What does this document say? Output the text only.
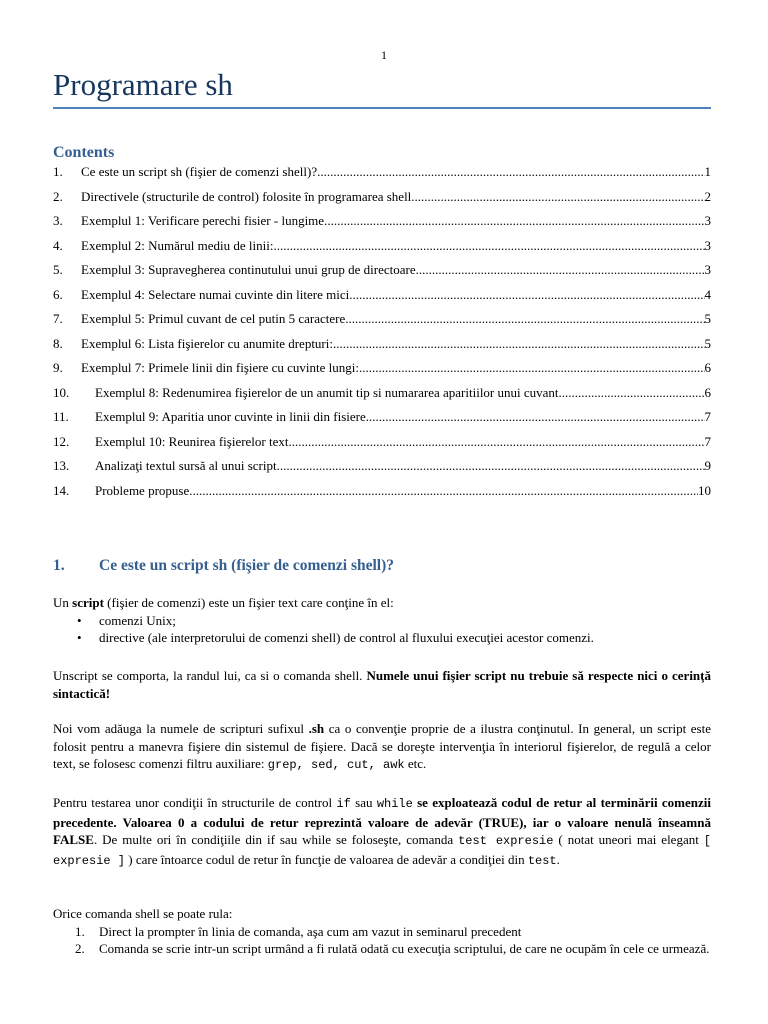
1
Programare sh
Contents
1.	Ce este un script sh (fişier de comenzi shell)? .....	1
2.	Directivele (structurile de control) folosite în programarea shell .....	2
3.	Exemplul 1: Verificare perechi fisier - lungime .....	3
4.	Exemplul 2: Numărul mediu de linii: .....	3
5.	Exemplul 3: Supravegherea continutului unui grup de directoare .....	3
6.	Exemplul 4: Selectare numai cuvinte din litere mici .....	4
7.	Exemplul 5: Primul cuvant de cel putin 5 caractere .....	5
8.	Exemplul 6: Lista fişierelor cu anumite drepturi: .....	5
9.	Exemplul 7: Primele linii din fişiere cu cuvinte lungi: .....	6
10.	Exemplul 8: Redenumirea fişierelor de un anumit tip si numararea aparitiilor unui cuvant .....	6
11.	Exemplul 9: Aparitia unor cuvinte in linii din fisiere .....	7
12.	Exemplul 10: Reunirea fişierelor text .....	7
13.	Analizaţi textul sursă al unui script .....	9
14.	Probleme propuse .....	10
1. Ce este un script sh (fişier de comenzi shell)?
Un script (fişier de comenzi) este un fişier text care conţine în el:
• comenzi Unix;
• directive (ale interpretorului de comenzi shell) de control al fluxului execuţiei acestor comenzi.
Unscript se comporta, la randul lui, ca si o comanda shell. Numele unui fişier script nu trebuie să respecte nici o cerinţă sintactică!
Noi vom adăuga la numele de scripturi sufixul .sh ca o convenţie proprie de a ilustra conţinutul. In general, un script este folosit pentru a manevra fişiere din sistemul de fişiere. Dacă se doreşte intervenţia în interiorul fişierelor, de regulă a celor text, se folosesc comenzi filtru auxiliare: grep, sed, cut, awk etc.
Pentru testarea unor condiţii în structurile de control if sau while se exploatează codul de retur al terminării comenzii precedente. Valoarea 0 a codului de retur reprezintă valoare de adevăr (TRUE), iar o valoare nenulă înseamnă FALSE. De multe ori în condiţiile din if sau while se foloseşte, comanda test expresie ( notat uneori mai elegant [ expresie ] ) care întoarce codul de retur în funcţie de valoarea de adevăr a condiţiei din test.
Orice comanda shell se poate rula:
1. Direct la prompter în linia de comanda, aşa cum am vazut in seminarul precedent
2. Comanda se scrie intr-un script urmând a fi rulată odată cu execuţia scriptului, de care ne ocupăm în cele ce urmează.
